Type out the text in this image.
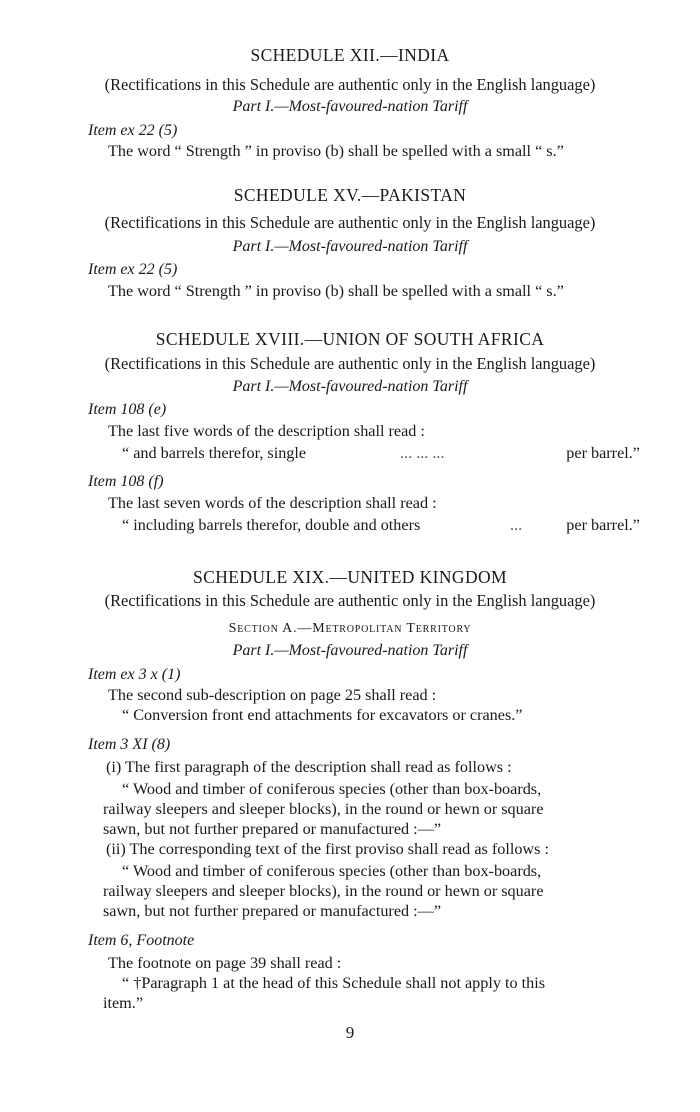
SCHEDULE XII.—INDIA
(Rectifications in this Schedule are authentic only in the English language)
Part I.—Most-favoured-nation Tariff
Item ex 22 (5)
The word “ Strength ” in proviso (b) shall be spelled with a small “ s.”
SCHEDULE XV.—PAKISTAN
(Rectifications in this Schedule are authentic only in the English language)
Part I.—Most-favoured-nation Tariff
Item ex 22 (5)
The word “ Strength ” in proviso (b) shall be spelled with a small “ s.”
SCHEDULE XVIII.—UNION OF SOUTH AFRICA
(Rectifications in this Schedule are authentic only in the English language)
Part I.—Most-favoured-nation Tariff
Item 108 (e)
The last five words of the description shall read :
“ and barrels therefor, single	... ... ...	per barrel.”
Item 108 (f)
The last seven words of the description shall read :
“ including barrels therefor, double and others	...	per barrel.”
SCHEDULE XIX.—UNITED KINGDOM
(Rectifications in this Schedule are authentic only in the English language)
Section A.—Metropolitan Territory
Part I.—Most-favoured-nation Tariff
Item ex 3 x (1)
The second sub-description on page 25 shall read :
“ Conversion front end attachments for excavators or cranes.”
Item 3 XI (8)
(i) The first paragraph of the description shall read as follows :
“ Wood and timber of coniferous species (other than box-boards,
railway sleepers and sleeper blocks), in the round or hewn or square
sawn, but not further prepared or manufactured :—”
(ii) The corresponding text of the first proviso shall read as follows :
“ Wood and timber of coniferous species (other than box-boards,
railway sleepers and sleeper blocks), in the round or hewn or square
sawn, but not further prepared or manufactured :—”
Item 6, Footnote
The footnote on page 39 shall read :
“ †Paragraph 1 at the head of this Schedule shall not apply to this
item.”
9
